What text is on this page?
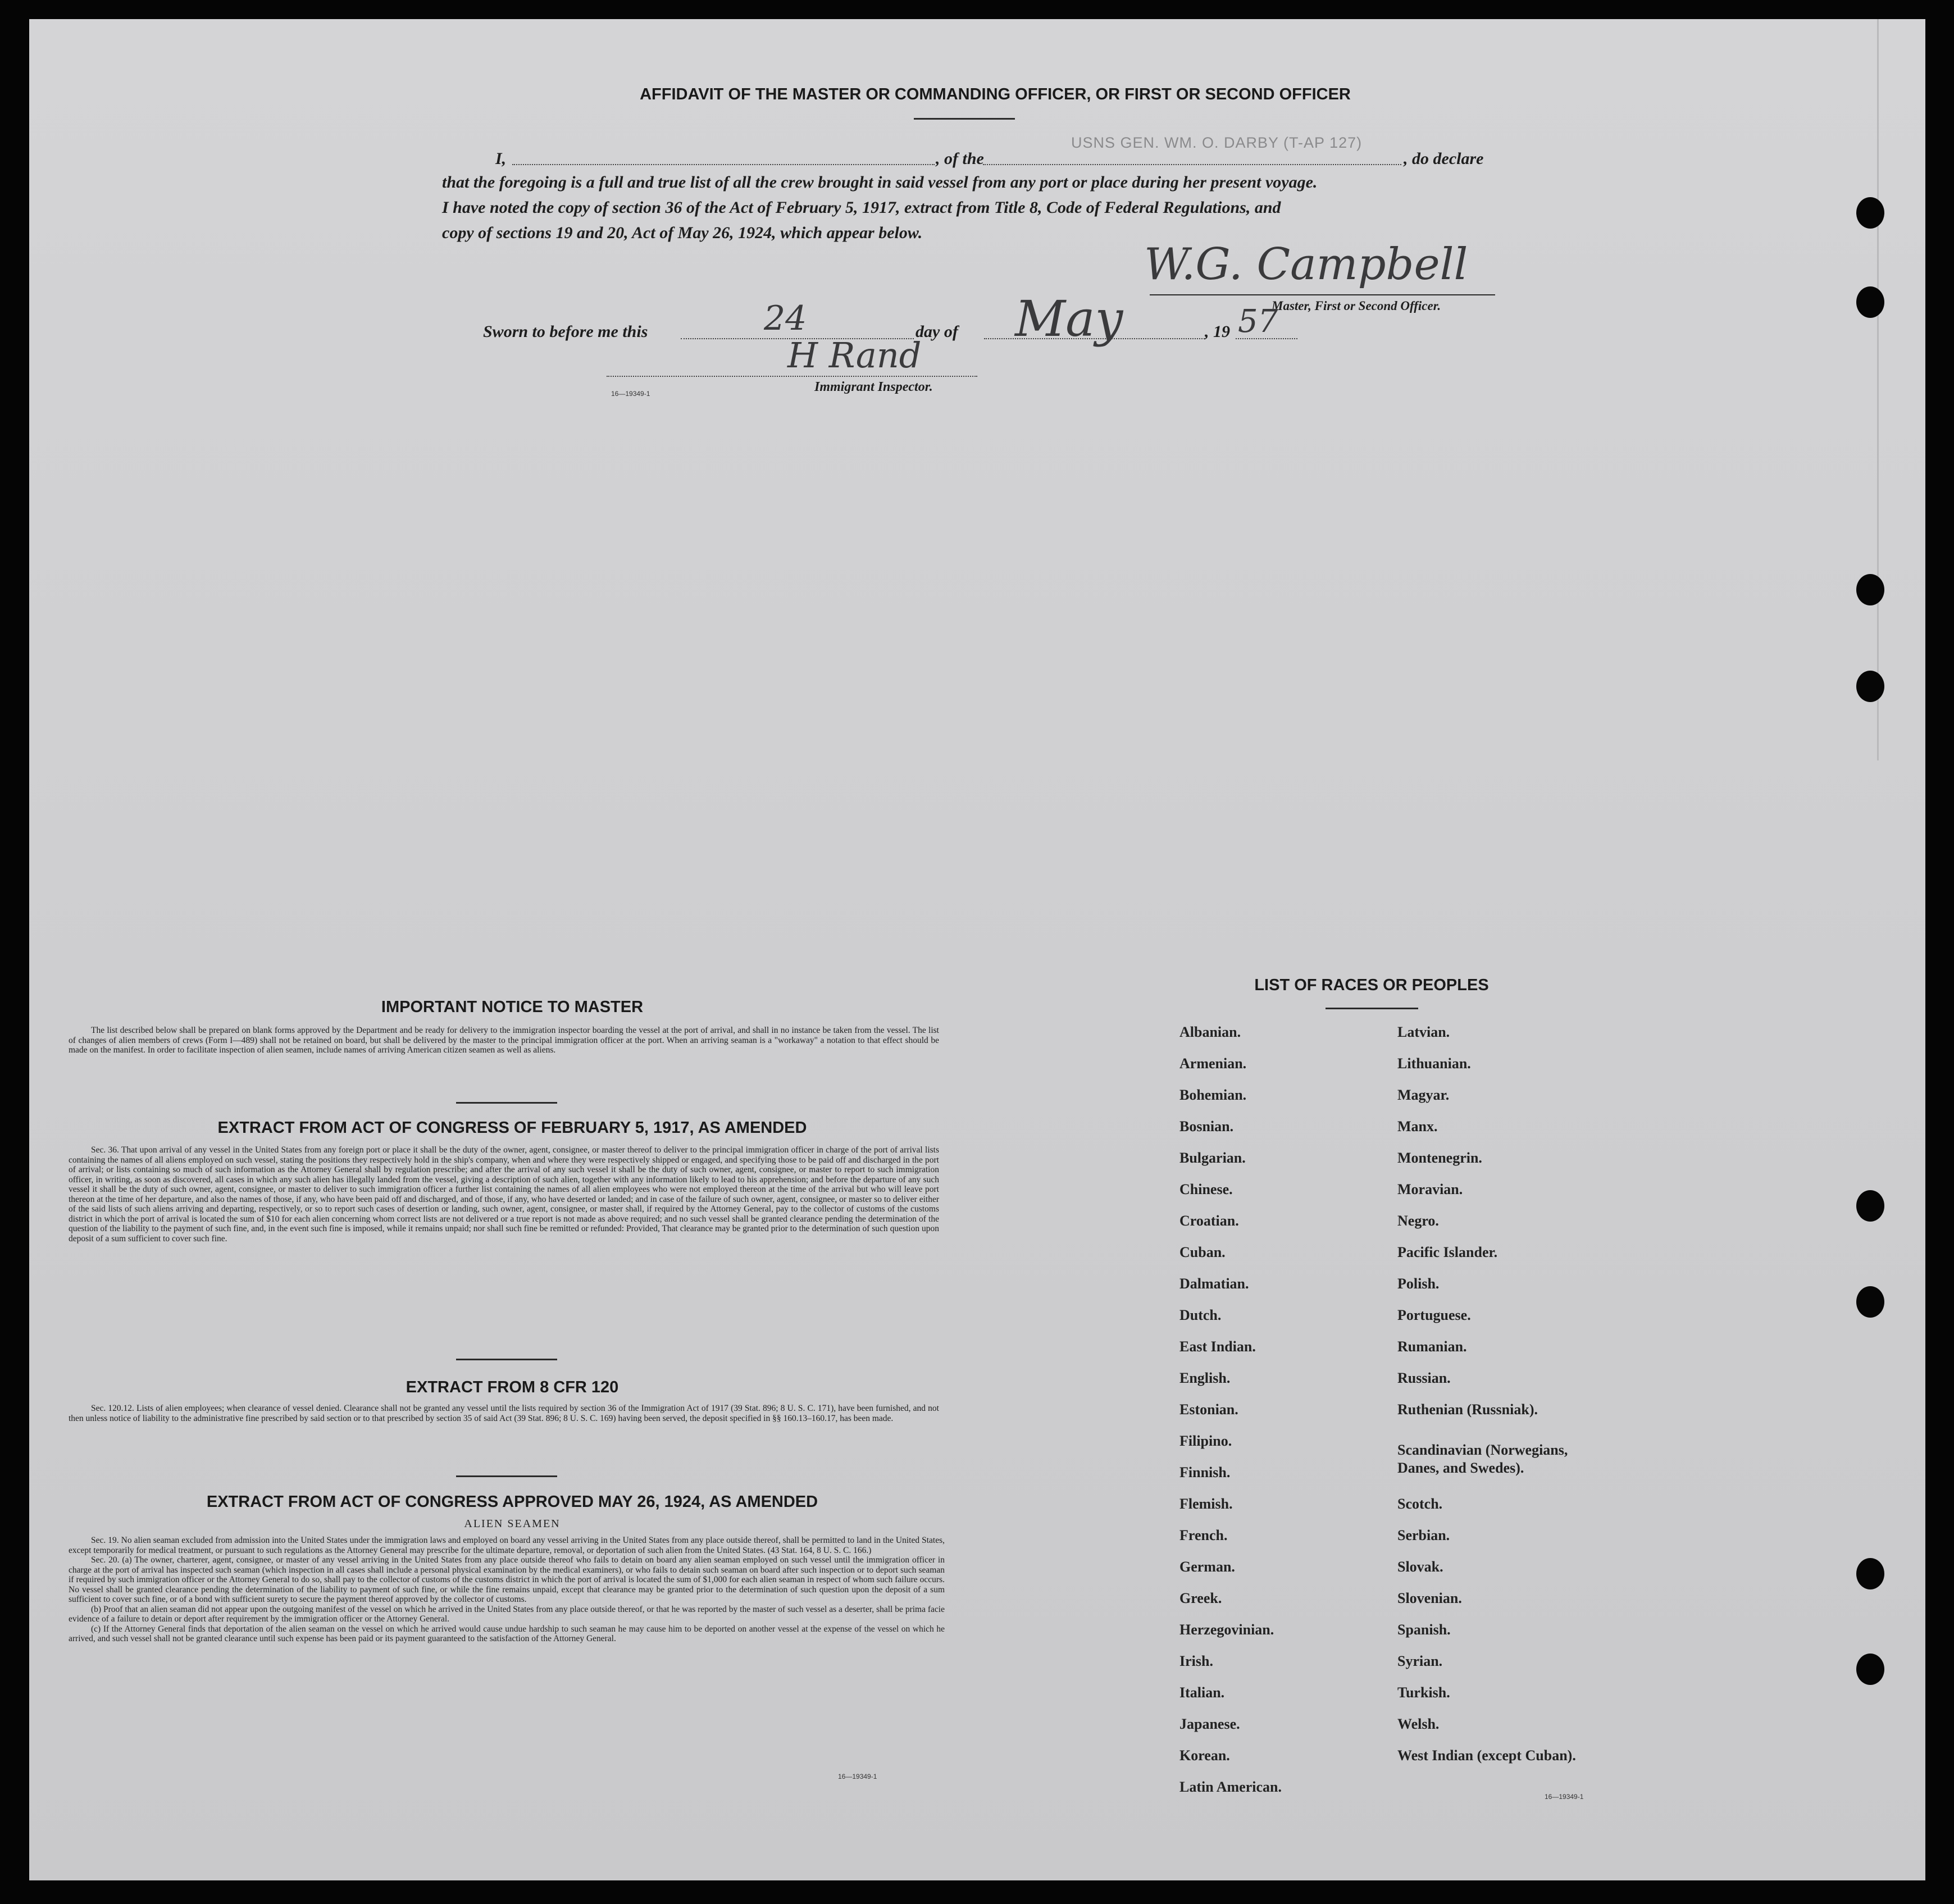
AFFIDAVIT OF THE MASTER OR COMMANDING OFFICER, OR FIRST OR SECOND OFFICER
I,	, of the
USNS GEN. WM. O. DARBY (T-AP 127)
, do declare
that the foregoing is a full and true list of all the crew brought in said vessel from any port or place during her present voyage.
I have noted the copy of section 36 of the Act of February 5, 1917, extract from Title 8, Code of Federal Regulations, and
copy of sections 19 and 20, Act of May 26, 1924, which appear below.
W.G. Campbell
Master, First or Second Officer.
Sworn to before me this	24	day of May	, 19 57
H Rand
Immigrant Inspector.
16—19349-1
IMPORTANT NOTICE TO MASTER

The list described below shall be prepared on blank forms approved by the Department and be ready for delivery to the immigration inspector boarding the vessel at the port of arrival, and shall in no instance be taken from the vessel. The list of changes of alien members of crews (Form I—489) shall not be retained on board, but shall be delivered by the master to the principal immigration officer at the port. When an arriving seaman is a "workaway" a notation to that effect should be made on the manifest. In order to facilitate inspection of alien seamen, include names of arriving American citizen seamen as well as aliens.

EXTRACT FROM ACT OF CONGRESS OF FEBRUARY 5, 1917, AS AMENDED

Sec. 36. That upon arrival of any vessel in the United States from any foreign port or place it shall be the duty of the owner, agent, consignee, or master thereof to deliver to the principal immigration officer in charge of the port of arrival lists containing the names of all aliens employed on such vessel, stating the positions they respectively hold in the ship's company, when and where they were respectively shipped or engaged, and specifying those to be paid off and discharged in the port of arrival; or lists containing so much of such information as the Attorney General shall by regulation prescribe; and after the arrival of any such vessel it shall be the duty of such owner, agent, consignee, or master to report to such immigration officer, in writing, as soon as discovered, all cases in which any such alien has illegally landed from the vessel, giving a description of such alien, together with any information likely to lead to his apprehension; and before the departure of any such vessel it shall be the duty of such owner, agent, consignee, or master to deliver to such immigration officer a further list containing the names of all alien employees who were not employed thereon at the time of the arrival but who will leave port thereon at the time of her departure, and also the names of those, if any, who have been paid off and discharged, and of those, if any, who have deserted or landed; and in case of the failure of such owner, agent, consignee, or master so to deliver either of the said lists of such aliens arriving and departing, respectively, or so to report such cases of desertion or landing, such owner, agent, consignee, or master shall, if required by the Attorney General, pay to the collector of customs of the customs district in which the port of arrival is located the sum of $10 for each alien concerning whom correct lists are not delivered or a true report is not made as above required; and no such vessel shall be granted clearance pending the determination of the question of the liability to the payment of such fine, and, in the event such fine is imposed, while it remains unpaid; nor shall such fine be remitted or refunded: Provided, That clearance may be granted prior to the determination of such question upon deposit of a sum sufficient to cover such fine.

EXTRACT FROM 8 CFR 120

Sec. 120.12. Lists of alien employees; when clearance of vessel denied. Clearance shall not be granted any vessel until the lists required by section 36 of the Immigration Act of 1917 (39 Stat. 896; 8 U. S. C. 171), have been furnished, and not then unless notice of liability to the administrative fine prescribed by said section or to that prescribed by section 35 of said Act (39 Stat. 896; 8 U. S. C. 169) having been served, the deposit specified in §§ 160.13–160.17, has been made.

EXTRACT FROM ACT OF CONGRESS APPROVED MAY 26, 1924, AS AMENDED
ALIEN SEAMEN

Sec. 19. No alien seaman excluded from admission into the United States under the immigration laws and employed on board any vessel arriving in the United States from any place outside thereof, shall be permitted to land in the United States, except temporarily for medical treatment, or pursuant to such regulations as the Attorney General may prescribe for the ultimate departure, removal, or deportation of such alien from the United States. (43 Stat. 164, 8 U. S. C. 166.)

Sec. 20. (a) The owner, charterer, agent, consignee, or master of any vessel arriving in the United States from any place outside thereof who fails to detain on board any alien seaman employed on such vessel until the immigration officer in charge at the port of arrival has inspected such seaman (which inspection in all cases shall include a personal physical examination by the medical examiners), or who fails to detain such seaman on board after such inspection or to deport such seaman if required by such immigration officer or the Attorney General to do so, shall pay to the collector of customs of the customs district in which the port of arrival is located the sum of $1,000 for each alien seaman in respect of whom such failure occurs. No vessel shall be granted clearance pending the determination of the liability to payment of such fine, or while the fine remains unpaid, except that clearance may be granted prior to the determination of such question upon the deposit of a sum sufficient to cover such fine, or of a bond with sufficient surety to secure the payment thereof approved by the collector of customs.

(b) Proof that an alien seaman did not appear upon the outgoing manifest of the vessel on which he arrived in the United States from any place outside thereof, or that he was reported by the master of such vessel as a deserter, shall be prima facie evidence of a failure to detain or deport after requirement by the immigration officer or the Attorney General.

(c) If the Attorney General finds that deportation of the alien seaman on the vessel on which he arrived would cause undue hardship to such seaman he may cause him to be deported on another vessel at the expense of the vessel on which he arrived, and such vessel shall not be granted clearance until such expense has been paid or its payment guaranteed to the satisfaction of the Attorney General.

16—19349-1
LIST OF RACES OR PEOPLES
Albanian.
Armenian.
Bohemian.
Bosnian.
Bulgarian.
Chinese.
Croatian.
Cuban.
Dalmatian.
Dutch.
East Indian.
English.
Estonian.
Filipino.
Finnish.
Flemish.
French.
German.
Greek.
Herzegovinian.
Irish.
Italian.
Japanese.
Korean.
Latin American.
Latvian.
Lithuanian.
Magyar.
Manx.
Montenegrin.
Moravian.
Negro.
Pacific Islander.
Polish.
Portuguese.
Rumanian.
Russian.
Ruthenian (Russniak).
Scandinavian (Norwegians,
Danes, and Swedes).
Scotch.
Serbian.
Slovak.
Slovenian.
Spanish.
Syrian.
Turkish.
Welsh.
West Indian (except Cuban).
16—19349-1
